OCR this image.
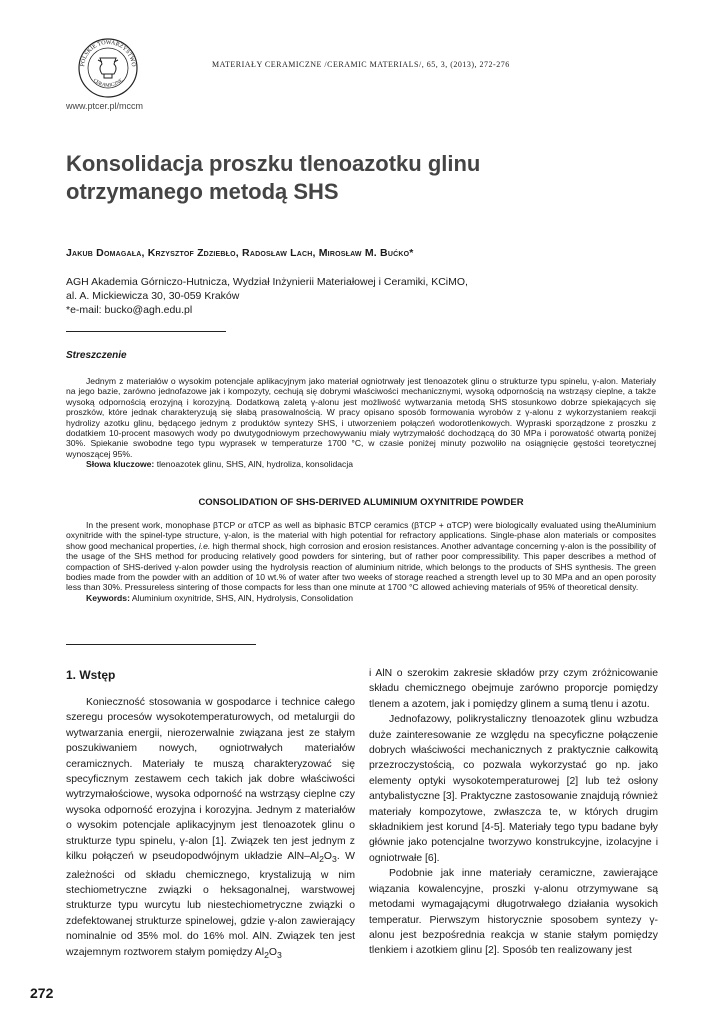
POLSKIE TOWARZYSTWO
CERAMICZNE
www.ptcer.pl/mccm
MATERIAŁY CERAMICZNE /CERAMIC MATERIALS/, 65, 3, (2013), 272-276
Konsolidacja proszku tlenoazotku glinu
otrzymanego metodą SHS
Jakub Domagała, Krzysztof Zdziebło, Radosław Lach, Mirosław M. Bućko*
AGH Akademia Górniczo-Hutnicza, Wydział Inżynierii Materiałowej i Ceramiki, KCiMO,
al. A. Mickiewicza 30, 30-059 Kraków
*e-mail: bucko@agh.edu.pl
Streszczenie

Jednym z materiałów o wysokim potencjale aplikacyjnym jako materiał ogniotrwały jest tlenoazotek glinu o strukturze typu spinelu, γ-alon. Materiały na jego bazie, zarówno jednofazowe jak i kompozyty, cechują się dobrymi właściwości mechanicznymi, wysoką odpornością na wstrząsy cieplne, a także wysoką odpornością erozyjną i korozyjną. Dodatkową zaletą γ-alonu jest możliwość wytwarzania metodą SHS stosunkowo dobrze spiekających się proszków, które jednak charakteryzują się słabą prasowalnością. W pracy opisano sposób formowania wyrobów z γ-alonu z wykorzystaniem reakcji hydrolizy azotku glinu, będącego jednym z produktów syntezy SHS, i utworzeniem połączeń wodorotlenkowych. Wypraski sporządzone z proszku z dodatkiem 10-procent masowych wody po dwutygodniowym przechowywaniu miały wytrzymałość dochodzącą do 30 MPa i porowatość otwartą poniżej 30%. Spiekanie swobodne tego typu wyprasek w temperaturze 1700 °C, w czasie poniżej minuty pozwoliło na osiągnięcie gęstości teoretycznej wynoszącej 95%.

Słowa kluczowe: tlenoazotek glinu, SHS, AlN, hydroliza, konsolidacja

CONSOLIDATION OF SHS-DERIVED ALUMINIUM OXYNITRIDE POWDER

In the present work, monophase βTCP or αTCP as well as biphasic BTCP ceramics (βTCP + αTCP) were biologically evaluated using theAluminium oxynitride with the spinel-type structure, γ-alon, is the material with high potential for refractory applications. Single-phase alon materials or composites show good mechanical properties, i.e. high thermal shock, high corrosion and erosion resistances. Another advantage concerning γ-alon is the possibility of the usage of the SHS method for producing relatively good powders for sintering, but of rather poor compressibility. This paper describes a method of compaction of SHS-derived γ-alon powder using the hydrolysis reaction of aluminium nitride, which belongs to the products of SHS synthesis. The green bodies made from the powder with an addition of 10 wt.% of water after two weeks of storage reached a strength level up to 30 MPa and an open porosity less than 30%. Pressureless sintering of those compacts for less than one minute at 1700 °C allowed achieving materials of 95% of theoretical density.

Keywords: Aluminium oxynitride, SHS, AlN, Hydrolysis, Consolidation

1. Wstęp

Konieczność stosowania w gospodarce i technice całego szeregu procesów wysokotemperaturowych, od metalurgii do wytwarzania energii, nierozerwalnie związana jest ze stałym poszukiwaniem nowych, ogniotrwałych materiałów ceramicznych. Materiały te muszą charakteryzować się specyficznym zestawem cech takich jak dobre właściwości wytrzymałościowe, wysoka odporność na wstrząsy cieplne czy wysoka odporność erozyjna i korozyjna. Jednym z materiałów o wysokim potencjale aplikacyjnym jest tlenoazotek glinu o strukturze typu spinelu, γ-alon [1]. Związek ten jest jednym z kilku połączeń w pseudopodwójnym układzie AlN–$Al_2O_3$. W zależności od składu chemicznego, krystalizują w nim stechiometryczne związki o heksagonalnej, warstwowej strukturze typu wurcytu lub niestechiometryczne związki o zdefektowanej strukturze spinelowej, gdzie γ-alon zawierający nominalnie od 35% mol. do 16% mol. AlN. Związek ten jest wzajemnym roztworem stałym pomiędzy $Al_2O_3$

i AlN o szerokim zakresie składów przy czym zróżnicowanie składu chemicznego obejmuje zarówno proporcje pomiędzy tlenem a azotem, jak i pomiędzy glinem a sumą tlenu i azotu.

Jednofazowy, polikrystaliczny tlenoazotek glinu wzbudza duże zainteresowanie ze względu na specyficzne połączenie dobrych właściwości mechanicznych z praktycznie całkowitą przezroczystością, co pozwala wykorzystać go np. jako elementy optyki wysokotemperaturowej [2] lub też osłony antybalistyczne [3]. Praktyczne zastosowanie znajdują również materiały kompozytowe, zwłaszcza te, w których drugim składnikiem jest korund [4-5]. Materiały tego typu badane były głównie jako potencjalne tworzywo konstrukcyjne, izolacyjne i ogniotrwałe [6].

Podobnie jak inne materiały ceramiczne, zawierające wiązania kowalencyjne, proszki γ-alonu otrzymywane są metodami wymagającymi długotrwałego działania wysokich temperatur. Pierwszym historycznie sposobem syntezy γ-alonu jest bezpośrednia reakcja w stanie stałym pomiędzy tlenkiem i azotkiem glinu [2]. Sposób ten realizowany jest

272
